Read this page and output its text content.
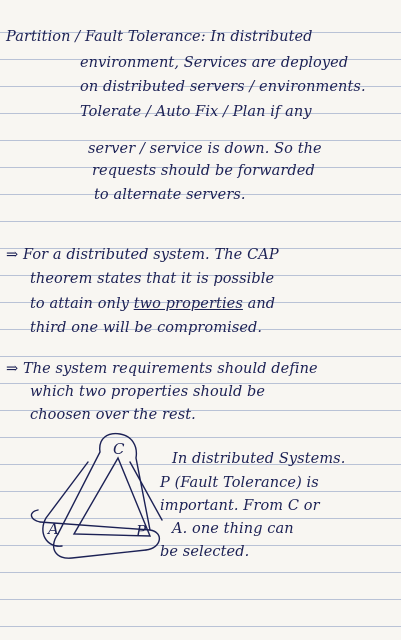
Partition / Fault Tolerance: In distributed
environment, Services are deployed
on distributed servers / environments.
Tolerate / Auto Fix / Plan if any
server / service is down. So the
requests should be forwarded
to alternate servers.
⇒ For a distributed system. The CAP
theorem states that it is possible
to attain only two properties and
third one will be compromised.
⇒ The system requirements should define
which two properties should be
choosen over the rest.
C
A	P
In distributed Systems.
P (Fault Tolerance) is
important. From C or
A. one thing can
be selected.
